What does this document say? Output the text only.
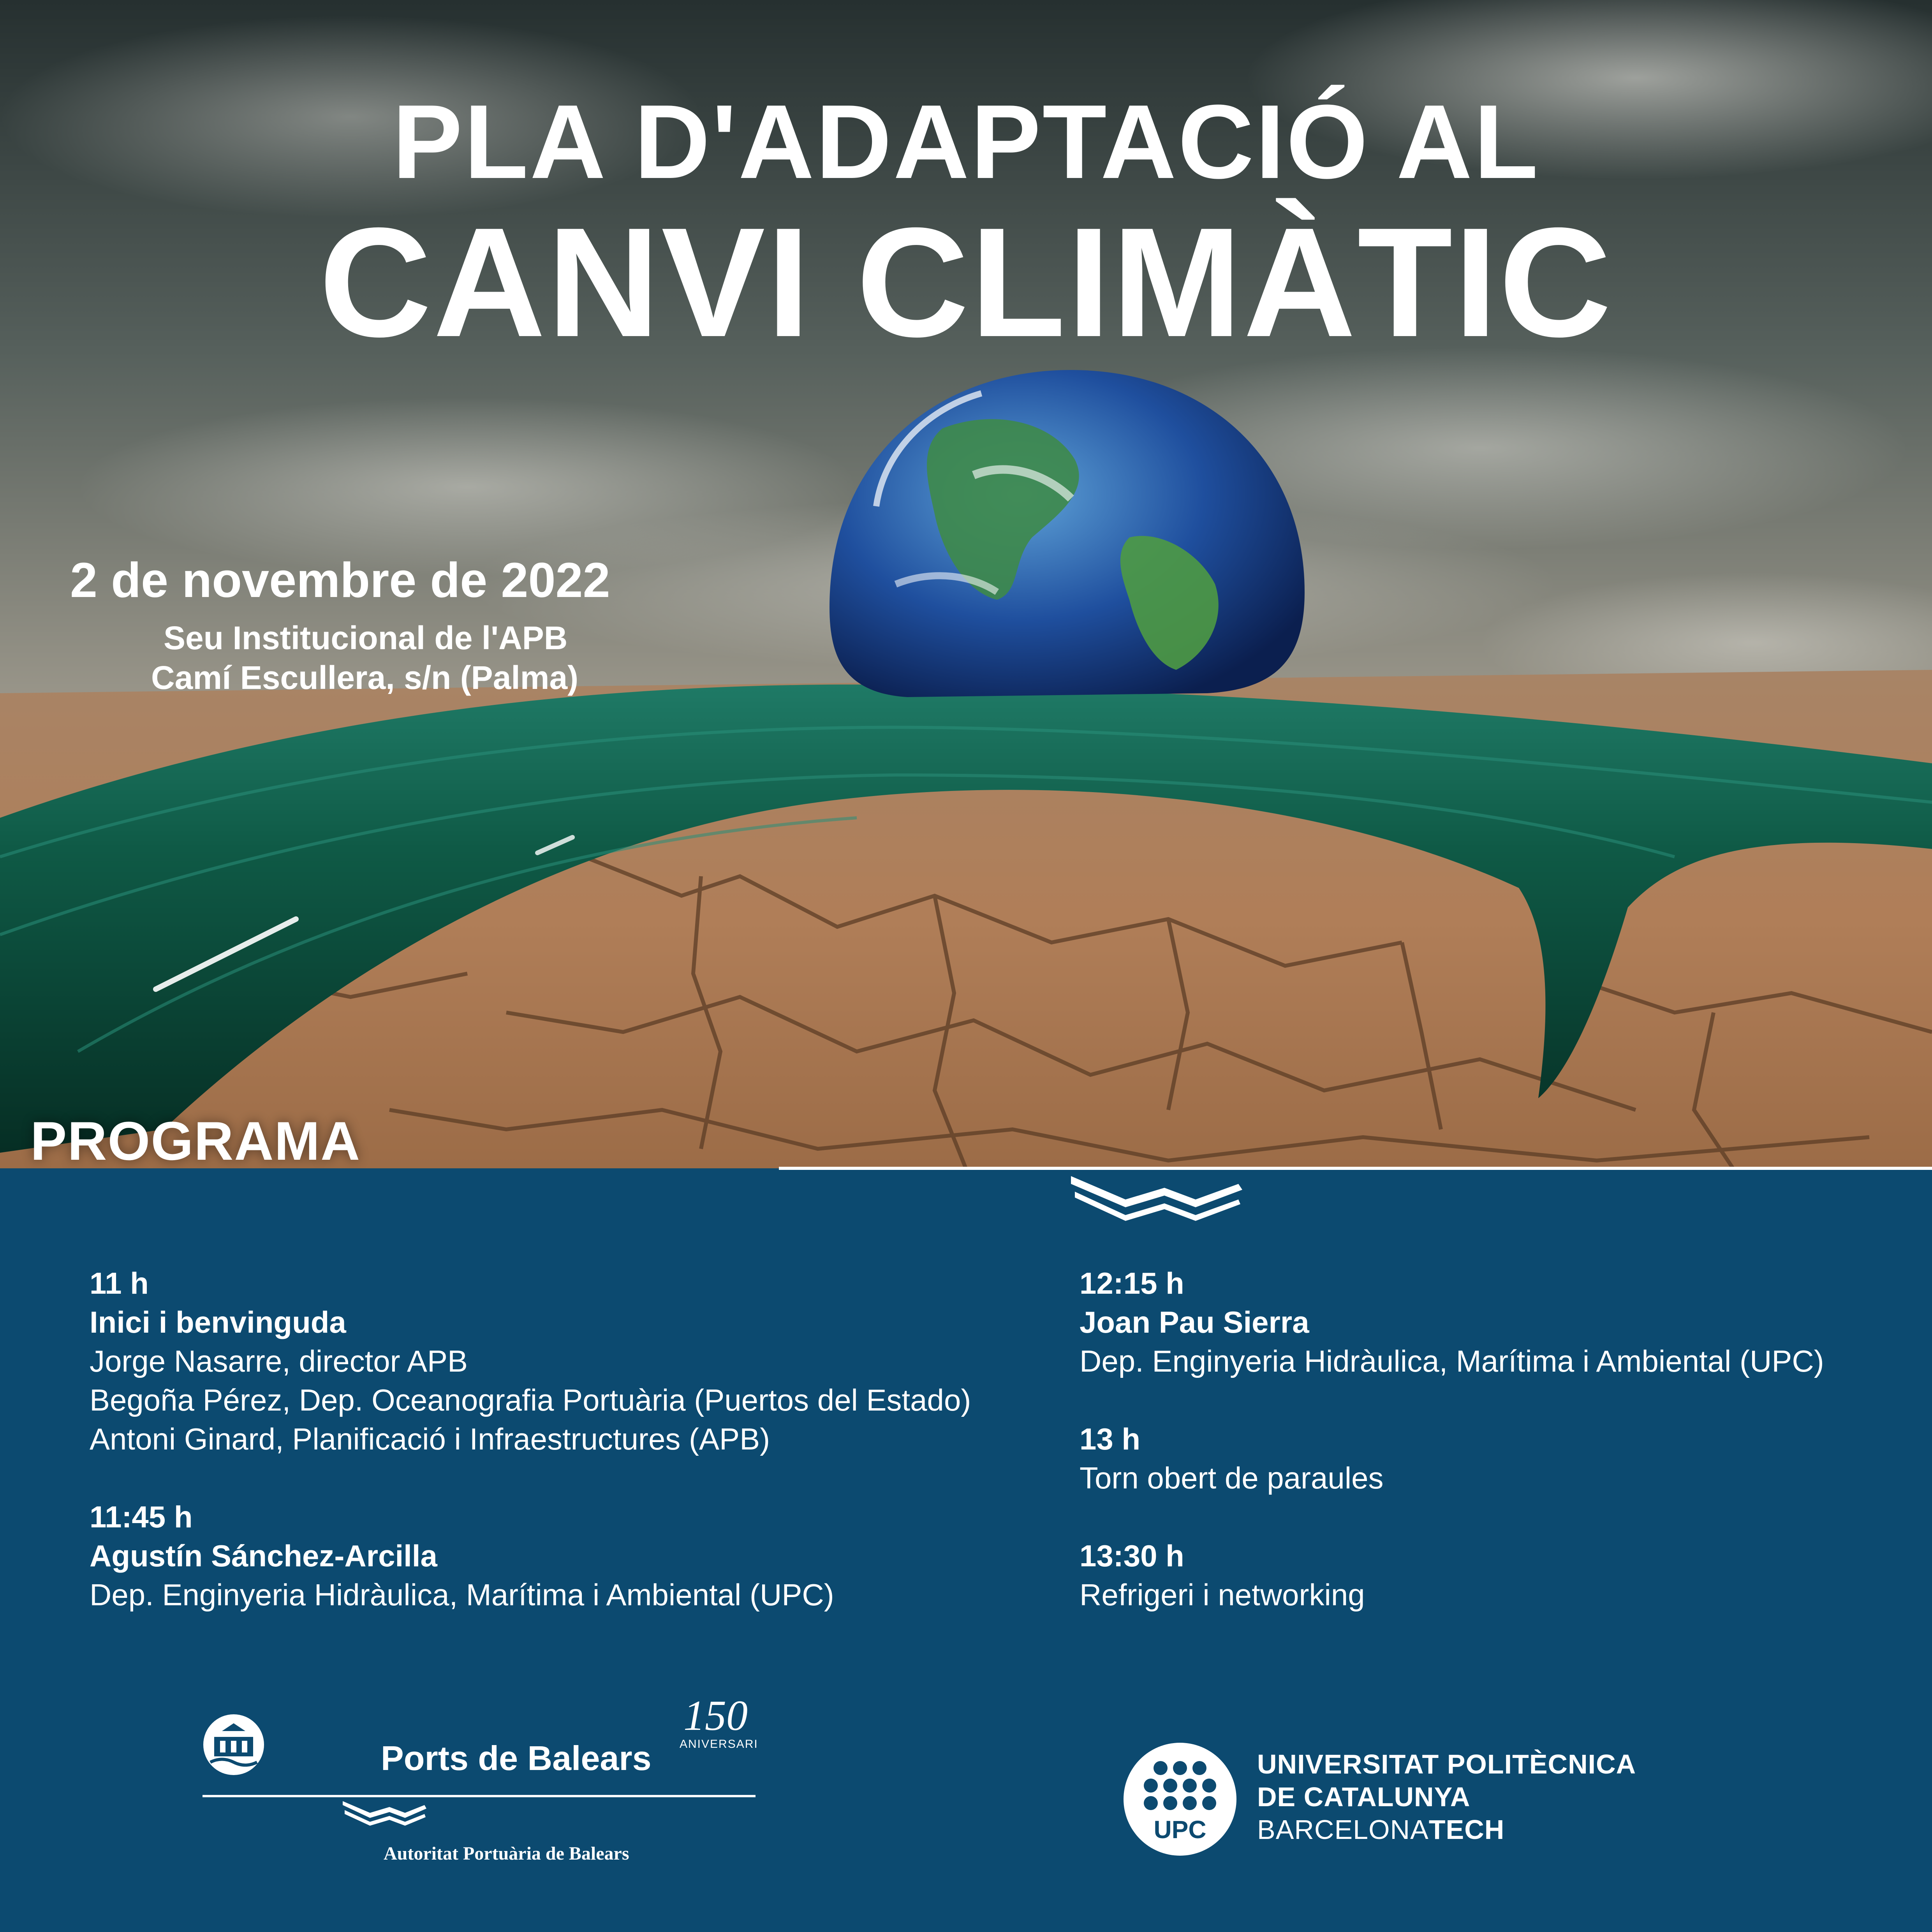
PLA D'ADAPTACIÓ AL
CANVI CLIMÀTIC
2 de novembre de 2022
Seu Institucional de l'APB
Camí Escullera, s/n (Palma)
PROGRAMA
11 h
Inici i benvinguda
Jorge Nasarre, director APB
Begoña Pérez, Dep. Oceanografia Portuària (Puertos del Estado)
Antoni Ginard, Planificació i Infraestructures (APB)
11:45 h
Agustín Sánchez-Arcilla
Dep. Enginyeria Hidràulica, Marítima i Ambiental (UPC)
12:15 h
Joan Pau Sierra
Dep. Enginyeria Hidràulica, Marítima i Ambiental (UPC)
13 h
Torn obert de paraules
13:30 h
Refrigeri i networking
Ports de Balears
150
ANIVERSARI
Autoritat Portuària de Balears
UPC
UNIVERSITAT POLITÈCNICA
DE CATALUNYA
BARCELONATECH
